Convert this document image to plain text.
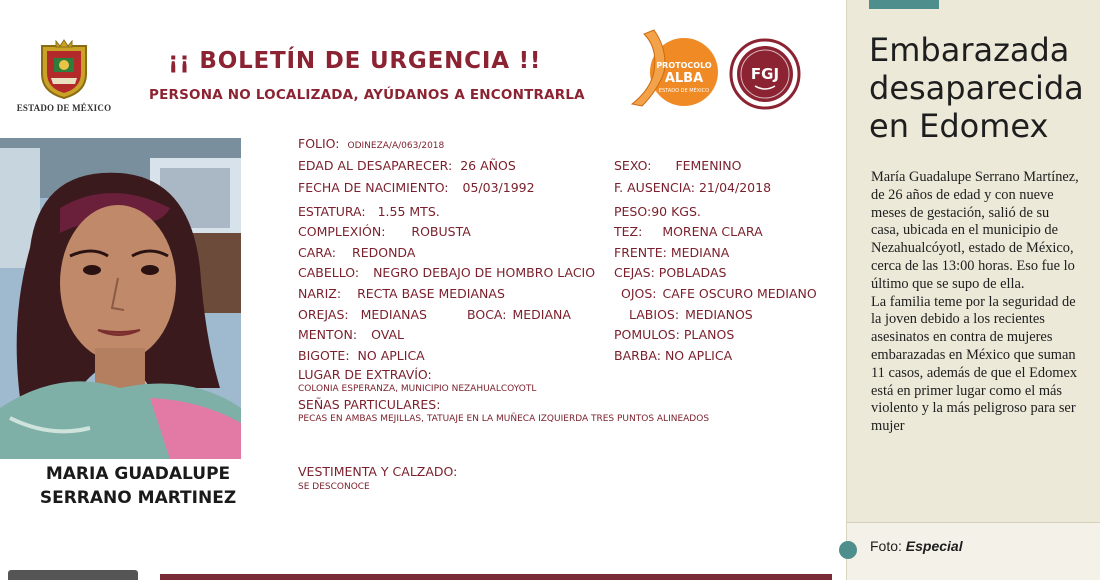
ESTADO DE MÉXICO
¡¡ BOLETÍN DE URGENCIA !!
PERSONA NO LOCALIZADA, AYÚDANOS A ENCONTRARLA
PROTOCOLO
ALBA
ESTADO DE MÉXICO
FGJ
MARIA GUADALUPE
SERRANO MARTINEZ
FOLIO: ODINEZA/A/063/2018
EDAD AL DESAPARECER: 26 AÑOS	SEXO: FEMENINO
FECHA DE NACIMIENTO: 05/03/1992	F. AUSENCIA: 21/04/2018
ESTATURA: 1.55 MTS.	PESO:90 KGS.
COMPLEXIÓN: ROBUSTA	TEZ: MORENA CLARA
CARA: REDONDA	FRENTE: MEDIANA
CABELLO: NEGRO DEBAJO DE HOMBRO LACIO CEJAS: POBLADAS
NARIZ: RECTA BASE MEDIANAS	OJOS: CAFE OSCURO MEDIANO
OREJAS: MEDIANAS	BOCA: MEDIANA	LABIOS: MEDIANOS
MENTON: OVAL	POMULOS: PLANOS
BIGOTE: NO APLICA	BARBA: NO APLICA
LUGAR DE EXTRAVÍO:
COLONIA ESPERANZA, MUNICIPIO NEZAHUALCOYOTL
SEÑAS PARTICULARES:
PECAS EN AMBAS MEJILLAS, TATUAJE EN LA MUÑECA IZQUIERDA TRES PUNTOS ALINEADOS
VESTIMENTA Y CALZADO:
SE DESCONOCE
Embarazada desaparecida en Edomex

María Guadalupe Serrano Martínez, de 26 años de edad y con nueve meses de gestación, salió de su casa, ubicada en el municipio de Nezahualcóyotl, estado de México, cerca de las 13:00 horas. Eso fue lo último que se supo de ella.

La familia teme por la seguridad de la joven debido a los recientes asesinatos en contra de mujeres embarazadas en México que suman 11 casos, además de que el Edomex está en primer lugar como el más violento y la más peligroso para ser mujer

Foto: Especial
